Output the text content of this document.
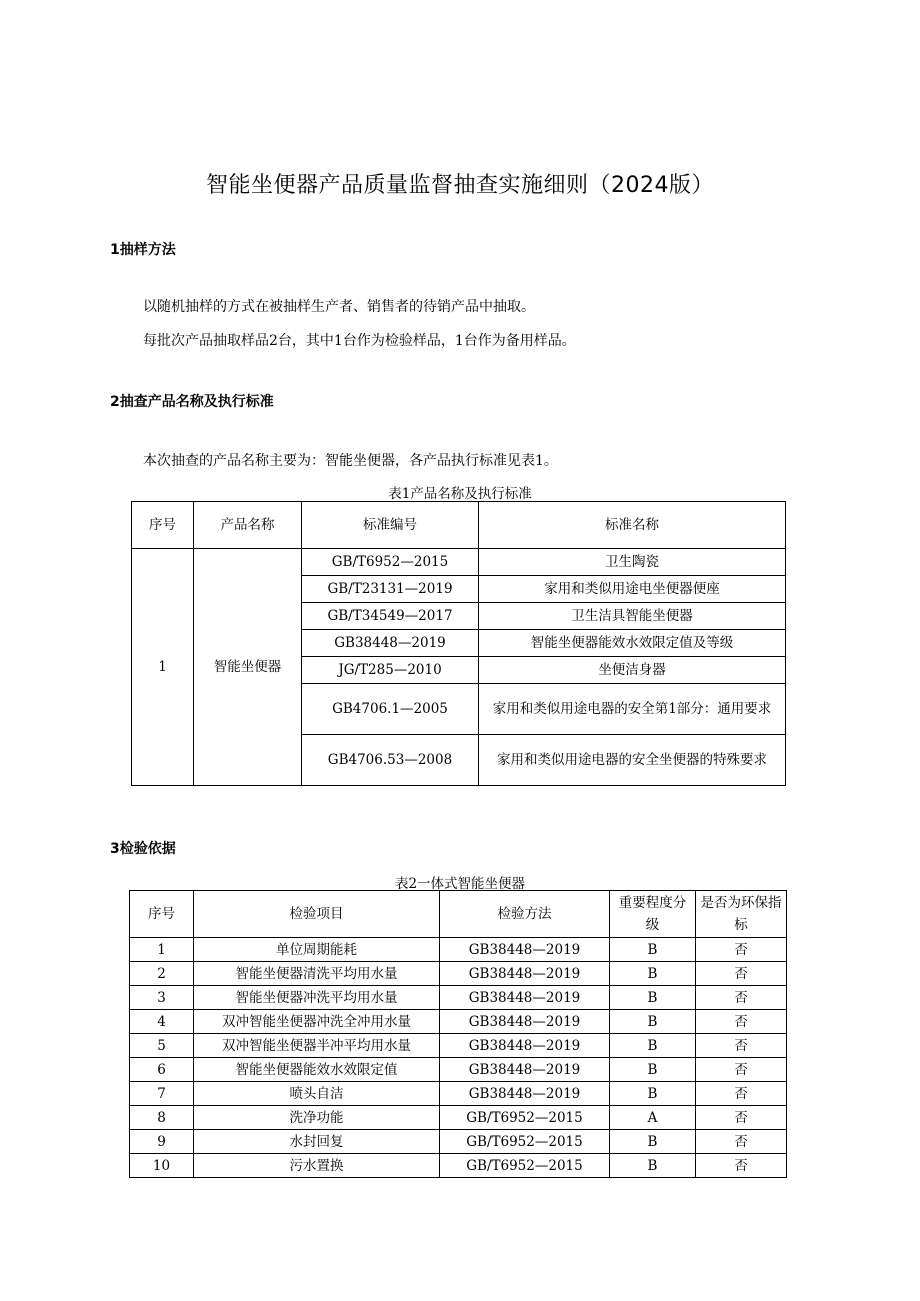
智能坐便器产品质量监督抽查实施细则（2024版）
1抽样方法
以随机抽样的方式在被抽样生产者、销售者的待销产品中抽取。
每批次产品抽取样品2台，其中1台作为检验样品，1台作为备用样品。
2抽查产品名称及执行标准
本次抽查的产品名称主要为：智能坐便器，各产品执行标准见表1。
表1产品名称及执行标准
序号	产品名称	标准编号	标准名称
1	智能坐便器	GB/T6952—2015	卫生陶瓷
		GB/T23131—2019	家用和类似用途电坐便器便座
		GB/T34549—2017	卫生洁具智能坐便器
		GB38448—2019	智能坐便器能效水效限定值及等级
		JG/T285—2010	坐便洁身器
		GB4706.1—2005	家用和类似用途电器的安全第1部分：通用要求
		GB4706.53—2008	家用和类似用途电器的安全坐便器的特殊要求
3检验依据
表2一体式智能坐便器
序号	检验项目	检验方法	重要程度分级	是否为环保指标
1	单位周期能耗	GB38448—2019	B	否
2	智能坐便器清洗平均用水量	GB38448—2019	B	否
3	智能坐便器冲洗平均用水量	GB38448—2019	B	否
4	双冲智能坐便器冲洗全冲用水量	GB38448—2019	B	否
5	双冲智能坐便器半冲平均用水量	GB38448—2019	B	否
6	智能坐便器能效水效限定值	GB38448—2019	B	否
7	喷头自洁	GB38448—2019	B	否
8	洗净功能	GB/T6952—2015	A	否
9	水封回复	GB/T6952—2015	B	否
10	污水置换	GB/T6952—2015	B	否
